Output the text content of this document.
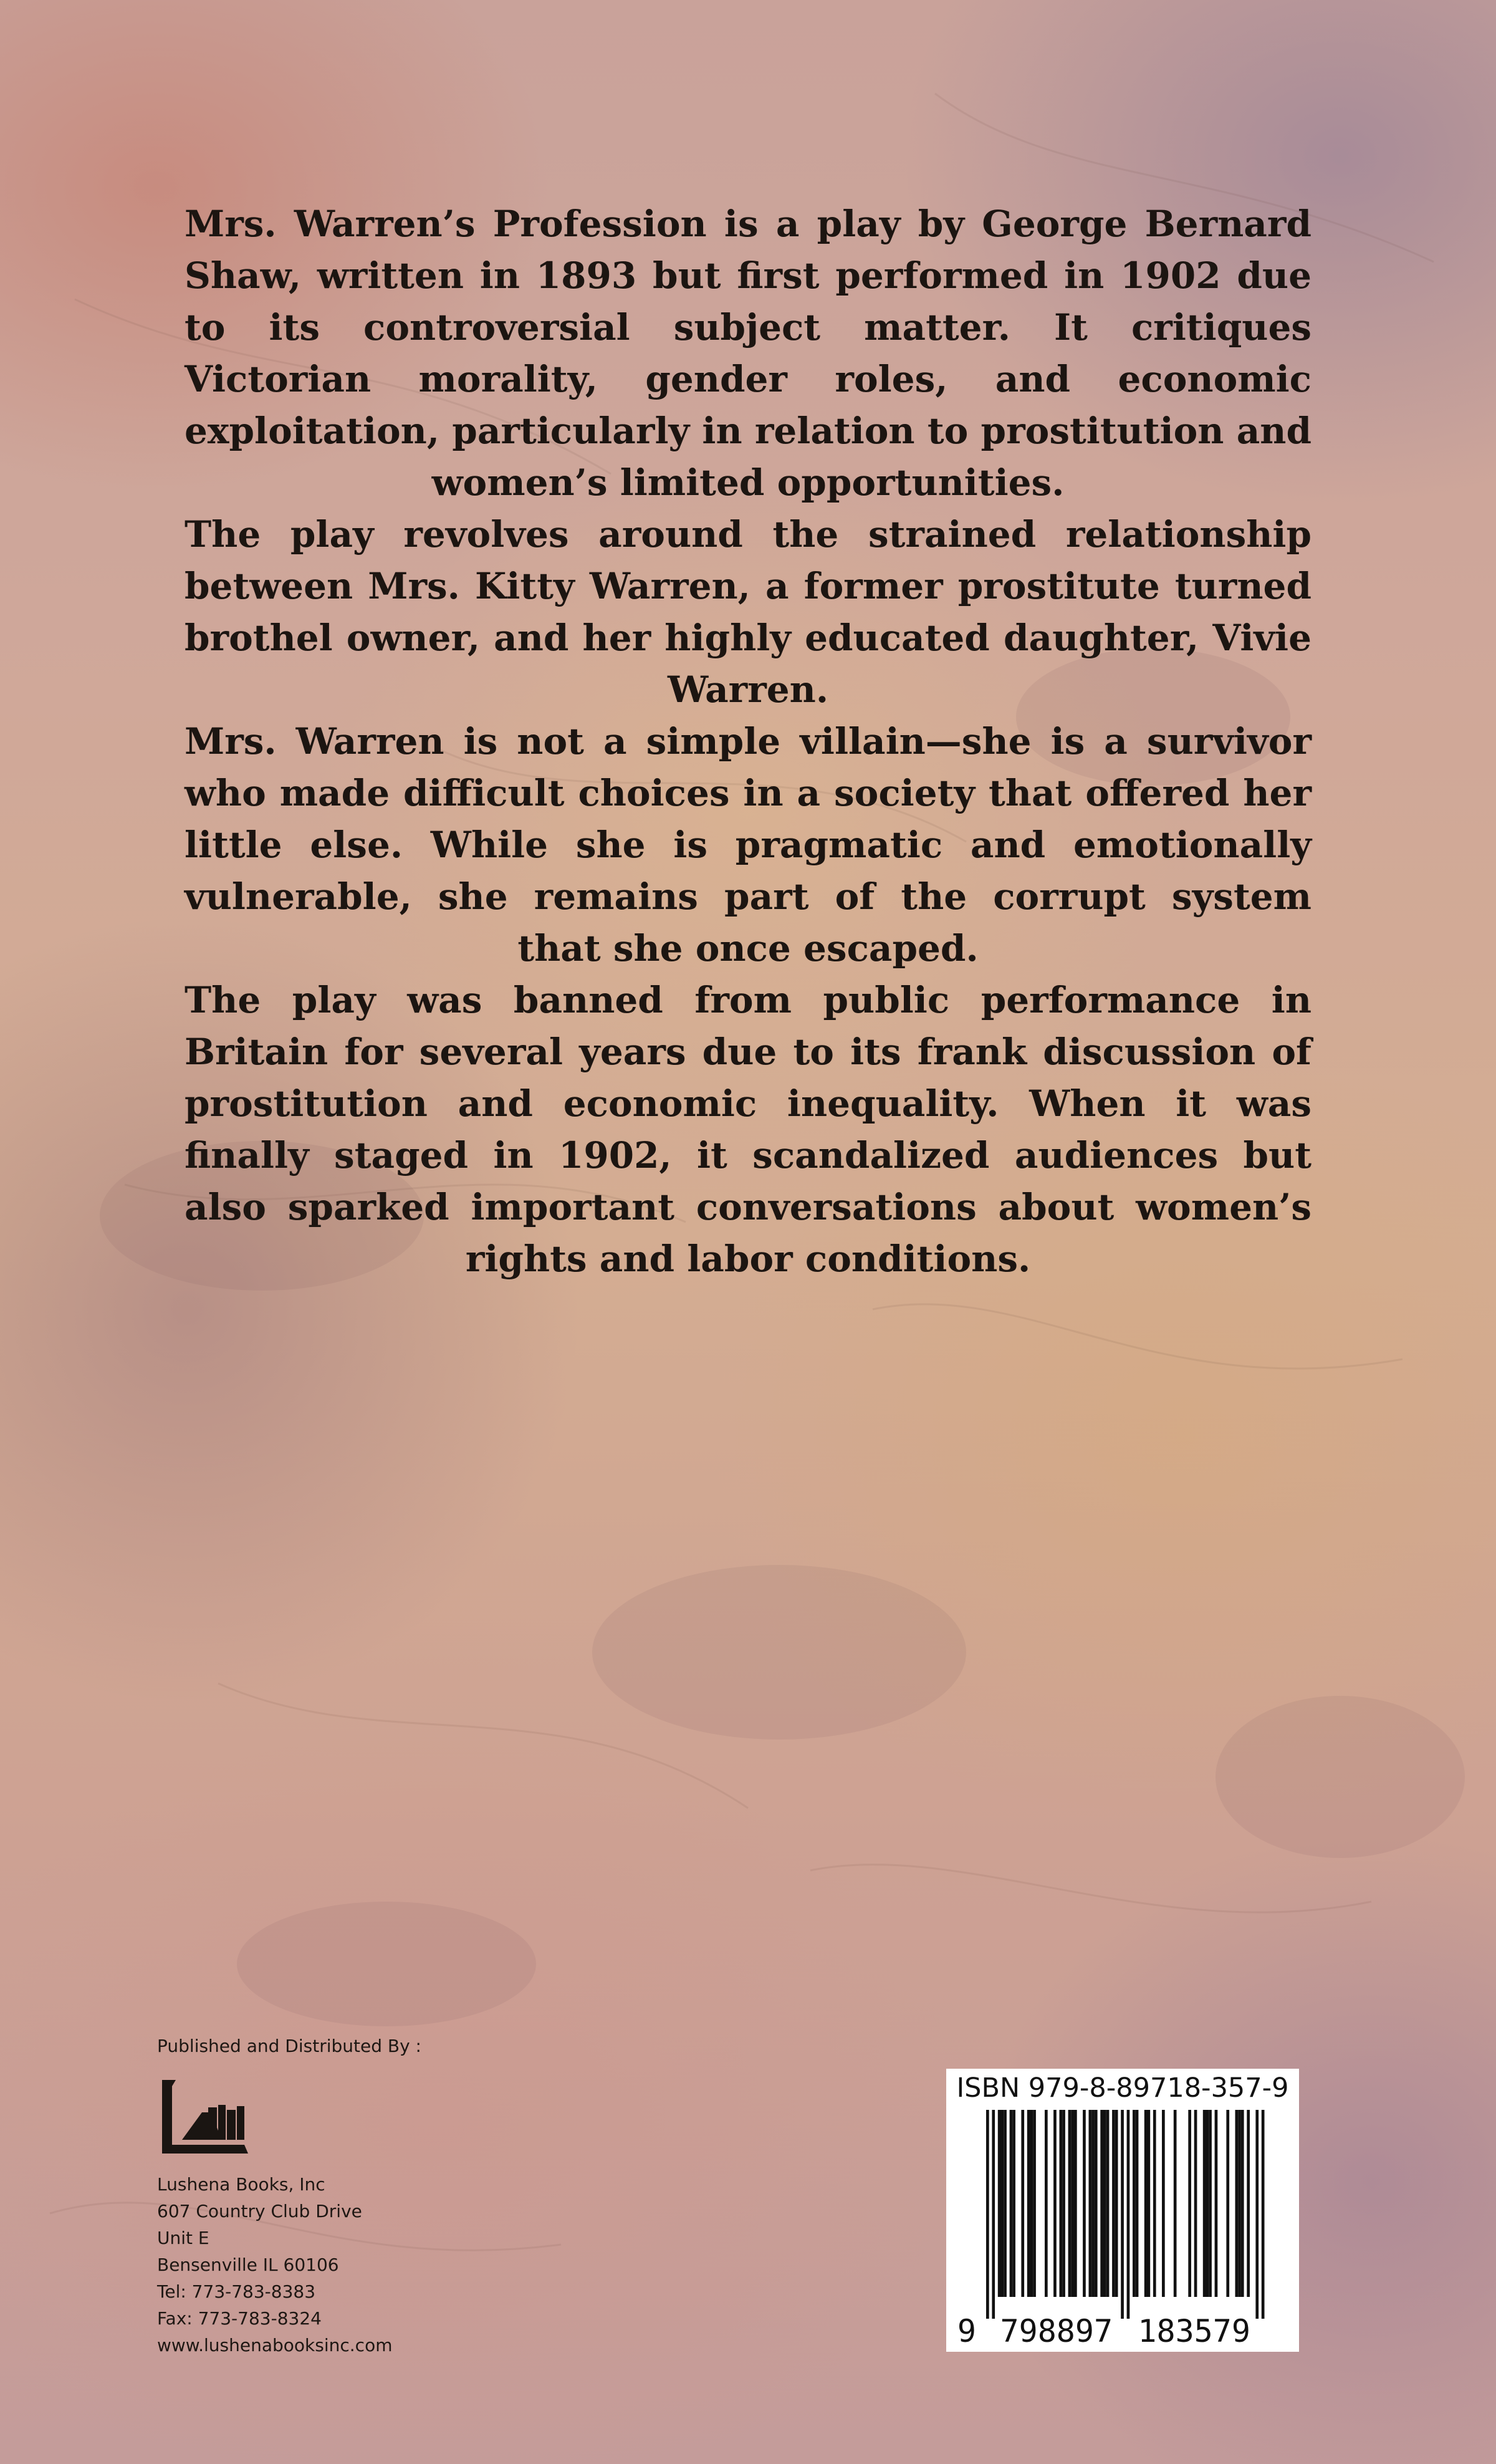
Mrs. Warren’s Profession is a play by George Bernard Shaw, written in 1893 but first performed in 1902 due to its controversial subject matter. It critiques Victorian morality, gender roles, and economic exploitation, particularly in relation to prostitution and women’s limited opportunities.

The play revolves around the strained relationship between Mrs. Kitty Warren, a former prostitute turned brothel owner, and her highly educated daughter, Vivie Warren.

Mrs. Warren is not a simple villain—she is a survivor who made difficult choices in a society that offered her little else. While she is pragmatic and emotionally vulnerable, she remains part of the corrupt system that she once escaped.

The play was banned from public performance in Britain for several years due to its frank discussion of prostitution and economic inequality. When it was finally staged in 1902, it scandalized audiences but also sparked important conversations about women’s rights and labor conditions.

Published and Distributed By :
Lushena Books, Inc
607 Country Club Drive
Unit E
Bensenville IL 60106
Tel: 773-783-8383
Fax: 773-783-8324
www.lushenabooksinc.com
ISBN 979-8-89718-357-9
9 798897 183579
